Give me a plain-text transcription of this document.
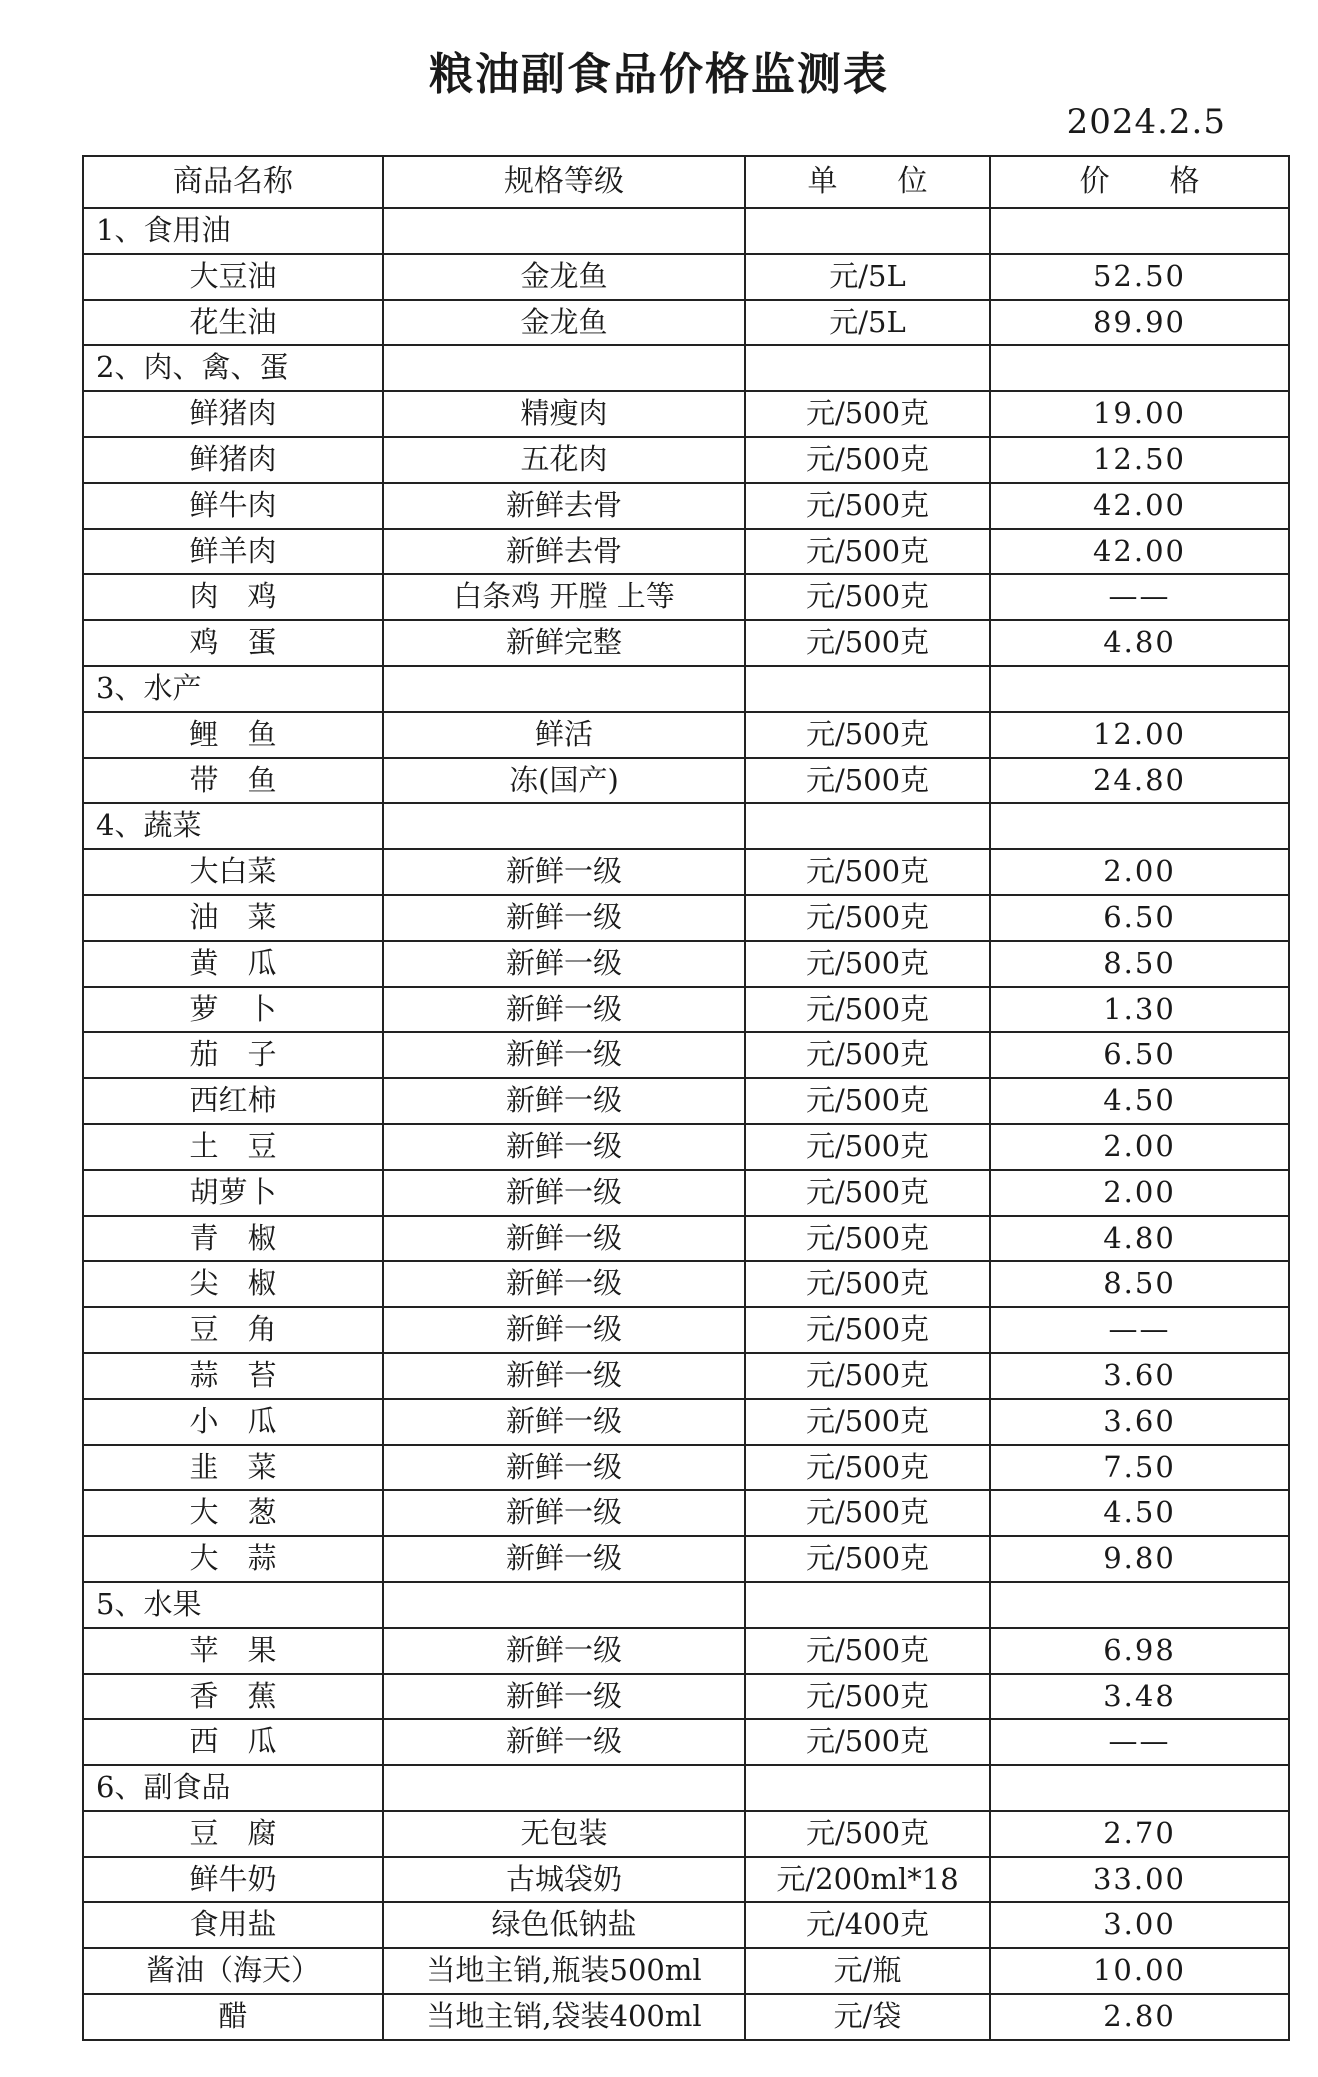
粮油副食品价格监测表
2024.2.5
商品名称	规格等级	单　　位	价　　格
1、食用油			
大豆油	金龙鱼	元/5L	52.50
花生油	金龙鱼	元/5L	89.90
2、肉、禽、蛋			
鲜猪肉	精瘦肉	元/500克	19.00
鲜猪肉	五花肉	元/500克	12.50
鲜牛肉	新鲜去骨	元/500克	42.00
鲜羊肉	新鲜去骨	元/500克	42.00
肉　鸡	白条鸡 开膛 上等	元/500克	——
鸡　蛋	新鲜完整	元/500克	4.80
3、水产			
鲤　鱼	鲜活	元/500克	12.00
带　鱼	冻(国产)	元/500克	24.80
4、蔬菜			
大白菜	新鲜一级	元/500克	2.00
油　菜	新鲜一级	元/500克	6.50
黄　瓜	新鲜一级	元/500克	8.50
萝　卜	新鲜一级	元/500克	1.30
茄　子	新鲜一级	元/500克	6.50
西红柿	新鲜一级	元/500克	4.50
土　豆	新鲜一级	元/500克	2.00
胡萝卜	新鲜一级	元/500克	2.00
青　椒	新鲜一级	元/500克	4.80
尖　椒	新鲜一级	元/500克	8.50
豆　角	新鲜一级	元/500克	——
蒜　苔	新鲜一级	元/500克	3.60
小　瓜	新鲜一级	元/500克	3.60
韭　菜	新鲜一级	元/500克	7.50
大　葱	新鲜一级	元/500克	4.50
大　蒜	新鲜一级	元/500克	9.80
5、水果			
苹　果	新鲜一级	元/500克	6.98
香　蕉	新鲜一级	元/500克	3.48
西　瓜	新鲜一级	元/500克	——
6、副食品			
豆　腐	无包装	元/500克	2.70
鲜牛奶	古城袋奶	元/200ml*18	33.00
食用盐	绿色低钠盐	元/400克	3.00
酱油（海天）	当地主销,瓶装500ml	元/瓶	10.00
醋	当地主销,袋装400ml	元/袋	2.80
